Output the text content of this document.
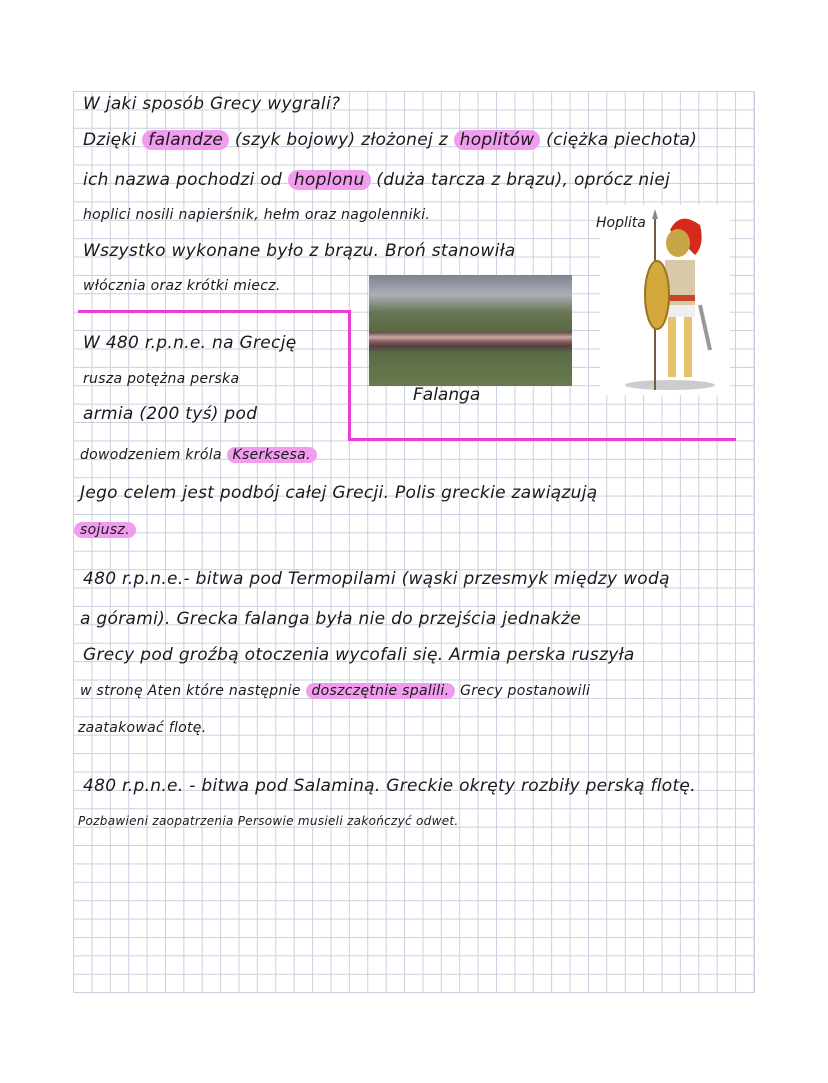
W jaki sposób Grecy wygrali?
Dzięki falandze (szyk bojowy) złożonej z hoplitów (ciężka piechota)
ich nazwa pochodzi od hoplonu (duża tarcza z brązu), oprócz niej
hoplici nosili napierśnik, hełm oraz nagolenniki.
Wszystko wykonane było z brązu. Broń stanowiła
włócznia oraz krótki miecz.
W 480 r.p.n.e. na Grecję
rusza potężna perska
armia (200 tyś) pod
dowodzeniem króla Kserksesa.
Jego celem jest podbój całej Grecji. Polis greckie zawiązują
sojusz.
480 r.p.n.e.- bitwa pod Termopilami (wąski przesmyk między wodą
a górami). Grecka falanga była nie do przejścia jednakże
Grecy pod groźbą otoczenia wycofali się. Armia perska ruszyła
w stronę Aten które następnie doszczętnie spalili. Grecy postanowili
zaatakować flotę.
480 r.p.n.e. - bitwa pod Salaminą. Greckie okręty rozbiły perską flotę.
Pozbawieni zaopatrzenia Persowie musieli zakończyć odwet.
Falanga
Hoplita
